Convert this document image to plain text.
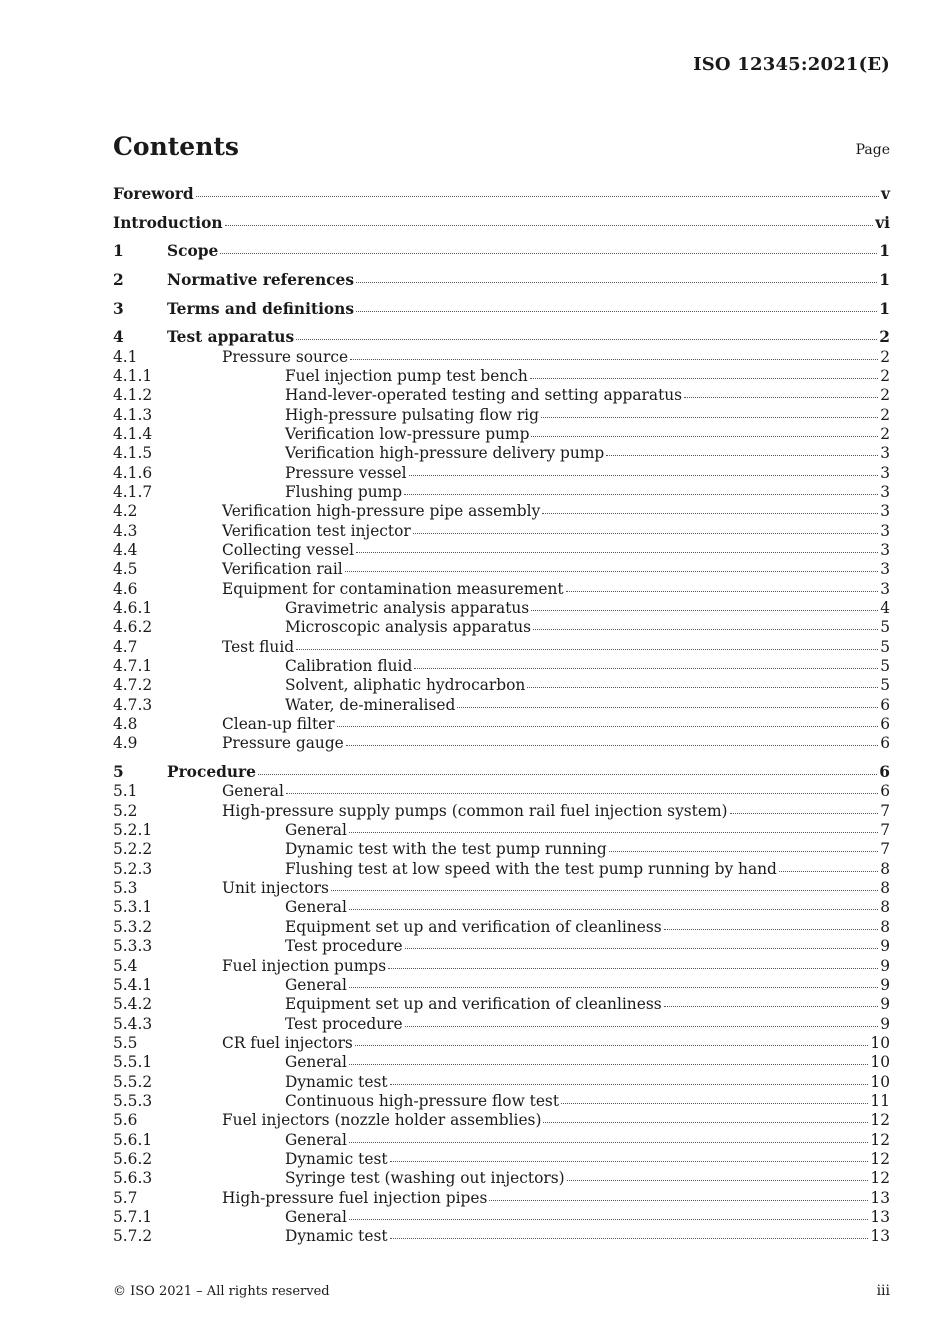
ISO 12345:2021(E)
Contents	Page
Foreword	v
Introduction	vi
1	Scope	1
2	Normative references	1
3	Terms and definitions	1
4	Test apparatus	2
4.1	Pressure source	2
4.1.1	Fuel injection pump test bench	2
4.1.2	Hand-lever-operated testing and setting apparatus	2
4.1.3	High-pressure pulsating flow rig	2
4.1.4	Verification low-pressure pump	2
4.1.5	Verification high-pressure delivery pump	3
4.1.6	Pressure vessel	3
4.1.7	Flushing pump	3
4.2	Verification high-pressure pipe assembly	3
4.3	Verification test injector	3
4.4	Collecting vessel	3
4.5	Verification rail	3
4.6	Equipment for contamination measurement	3
4.6.1	Gravimetric analysis apparatus	4
4.6.2	Microscopic analysis apparatus	5
4.7	Test fluid	5
4.7.1	Calibration fluid	5
4.7.2	Solvent, aliphatic hydrocarbon	5
4.7.3	Water, de-mineralised	6
4.8	Clean-up filter	6
4.9	Pressure gauge	6
5	Procedure	6
5.1	General	6
5.2	High-pressure supply pumps (common rail fuel injection system)	7
5.2.1	General	7
5.2.2	Dynamic test with the test pump running	7
5.2.3	Flushing test at low speed with the test pump running by hand	8
5.3	Unit injectors	8
5.3.1	General	8
5.3.2	Equipment set up and verification of cleanliness	8
5.3.3	Test procedure	9
5.4	Fuel injection pumps	9
5.4.1	General	9
5.4.2	Equipment set up and verification of cleanliness	9
5.4.3	Test procedure	9
5.5	CR fuel injectors	10
5.5.1	General	10
5.5.2	Dynamic test	10
5.5.3	Continuous high-pressure flow test	11
5.6	Fuel injectors (nozzle holder assemblies)	12
5.6.1	General	12
5.6.2	Dynamic test	12
5.6.3	Syringe test (washing out injectors)	12
5.7	High-pressure fuel injection pipes	13
5.7.1	General	13
5.7.2	Dynamic test	13
© ISO 2021 – All rights reserved	iii
